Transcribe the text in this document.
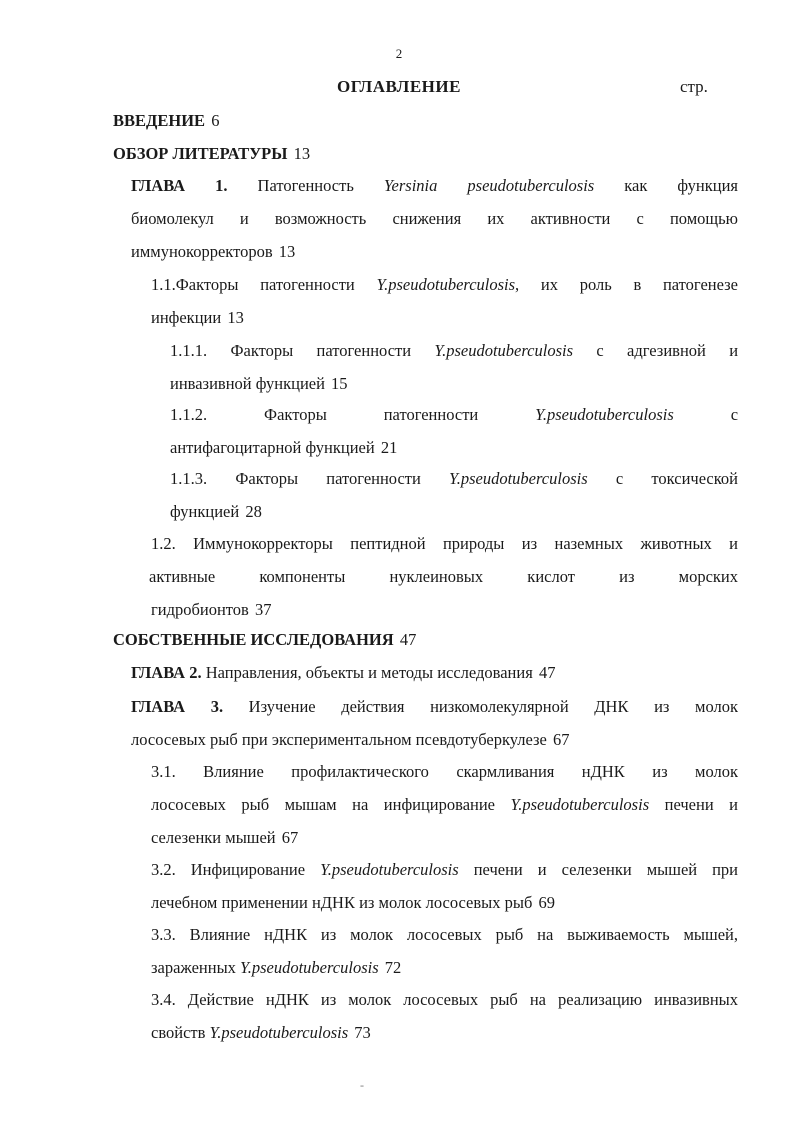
2
ОГЛАВЛЕНИЕ	стр.
ВВЕДЕНИЕ 6
ОБЗОР ЛИТЕРАТУРЫ 13
ГЛАВА 1. Патогенность Yersinia pseudotuberculosis как функция
биомолекул и возможность снижения их активности с помощью
иммунокорректоров 13
1.1.Факторы патогенности Y.pseudotuberculosis, их роль в патогенезе
инфекции 13
1.1.1. Факторы патогенности Y.pseudotuberculosis с адгезивной и
инвазивной функцией 15
1.1.2.	Факторы	патогенности	Y.pseudotuberculosis	с
антифагоцитарной функцией 21
1.1.3. Факторы патогенности Y.pseudotuberculosis с токсической
функцией 28
1.2. Иммунокорректоры пептидной природы из наземных животных и
активные компоненты нуклеиновых кислот из морских
гидробионтов 37
СОБСТВЕННЫЕ ИССЛЕДОВАНИЯ 47
ГЛАВА 2. Направления, объекты и методы исследования 47
ГЛАВА 3. Изучение действия низкомолекулярной ДНК из молок
лососевых рыб при экспериментальном псевдотуберкулезе 67
3.1. Влияние профилактического скармливания нДНК из молок
лососевых рыб мышам на инфицирование Y.pseudotuberculosis печени и
селезенки мышей 67
3.2. Инфицирование Y.pseudotuberculosis печени и селезенки мышей при
лечебном применении нДНК из молок лососевых рыб 69
3.3. Влияние нДНК из молок лососевых рыб на выживаемость мышей,
зараженных Y.pseudotuberculosis 72
3.4. Действие нДНК из молок лососевых рыб на реализацию инвазивных
свойств Y.pseudotuberculosis 73
-
